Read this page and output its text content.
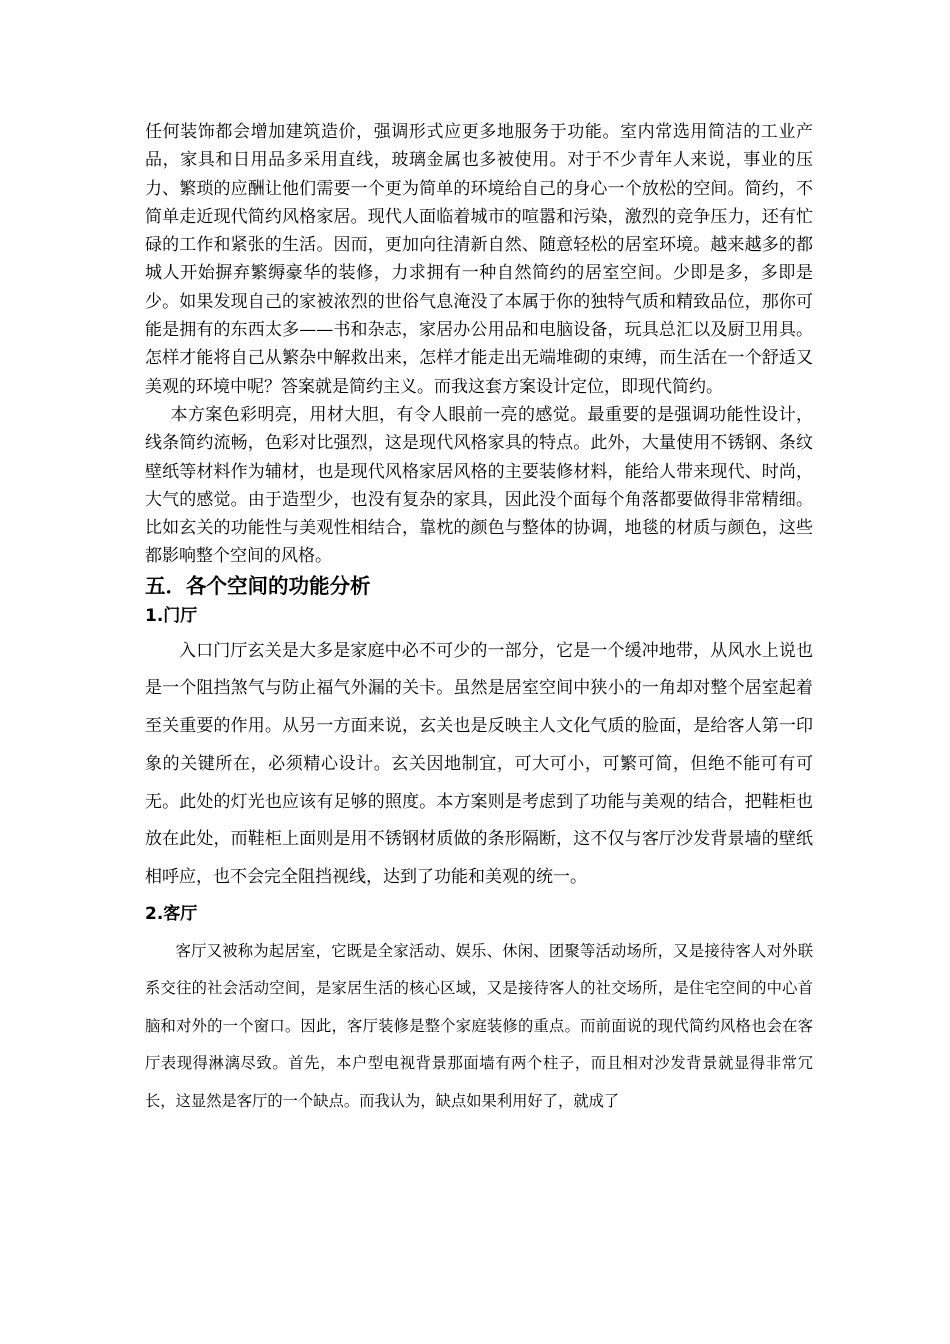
任何装饰都会增加建筑造价，强调形式应更多地服务于功能。室内常选用简洁的工业产品，家具和日用品多采用直线，玻璃金属也多被使用。对于不少青年人来说，事业的压力、繁琐的应酬让他们需要一个更为简单的环境给自己的身心一个放松的空间。简约，不简单走近现代简约风格家居。现代人面临着城市的喧嚣和污染，激烈的竞争压力，还有忙碌的工作和紧张的生活。因而，更加向往清新自然、随意轻松的居室环境。越来越多的都城人开始摒弃繁缛豪华的装修，力求拥有一种自然简约的居室空间。少即是多，多即是少。如果发现自己的家被浓烈的世俗气息淹没了本属于你的独特气质和精致品位，那你可能是拥有的东西太多——书和杂志，家居办公用品和电脑设备，玩具总汇以及厨卫用具。怎样才能将自己从繁杂中解救出来，怎样才能走出无端堆砌的束缚，而生活在一个舒适又美观的环境中呢？答案就是简约主义。而我这套方案设计定位，即现代简约。

本方案色彩明亮，用材大胆，有令人眼前一亮的感觉。最重要的是强调功能性设计，线条简约流畅，色彩对比强烈，这是现代风格家具的特点。此外，大量使用不锈钢、条纹壁纸等材料作为辅材，也是现代风格家居风格的主要装修材料，能给人带来现代、时尚，大气的感觉。由于造型少，也没有复杂的家具，因此没个面每个角落都要做得非常精细。比如玄关的功能性与美观性相结合，靠枕的颜色与整体的协调，地毯的材质与颜色，这些都影响整个空间的风格。

五．各个空间的功能分析
1.门厅

入口门厅玄关是大多是家庭中必不可少的一部分，它是一个缓冲地带，从风水上说也是一个阻挡煞气与防止福气外漏的关卡。虽然是居室空间中狭小的一角却对整个居室起着至关重要的作用。从另一方面来说，玄关也是反映主人文化气质的脸面，是给客人第一印象的关键所在，必须精心设计。玄关因地制宜，可大可小，可繁可简，但绝不能可有可无。此处的灯光也应该有足够的照度。本方案则是考虑到了功能与美观的结合，把鞋柜也放在此处，而鞋柜上面则是用不锈钢材质做的条形隔断，这不仅与客厅沙发背景墙的壁纸相呼应，也不会完全阻挡视线，达到了功能和美观的统一。

2.客厅

客厅又被称为起居室，它既是全家活动、娱乐、休闲、团聚等活动场所，又是接待客人对外联系交往的社会活动空间，是家居生活的核心区域，又是接待客人的社交场所，是住宅空间的中心首脑和对外的一个窗口。因此，客厅装修是整个家庭装修的重点。而前面说的现代简约风格也会在客厅表现得淋漓尽致。首先，本户型电视背景那面墙有两个柱子，而且相对沙发背景就显得非常冗长，这显然是客厅的一个缺点。而我认为，缺点如果利用好了，就成了
